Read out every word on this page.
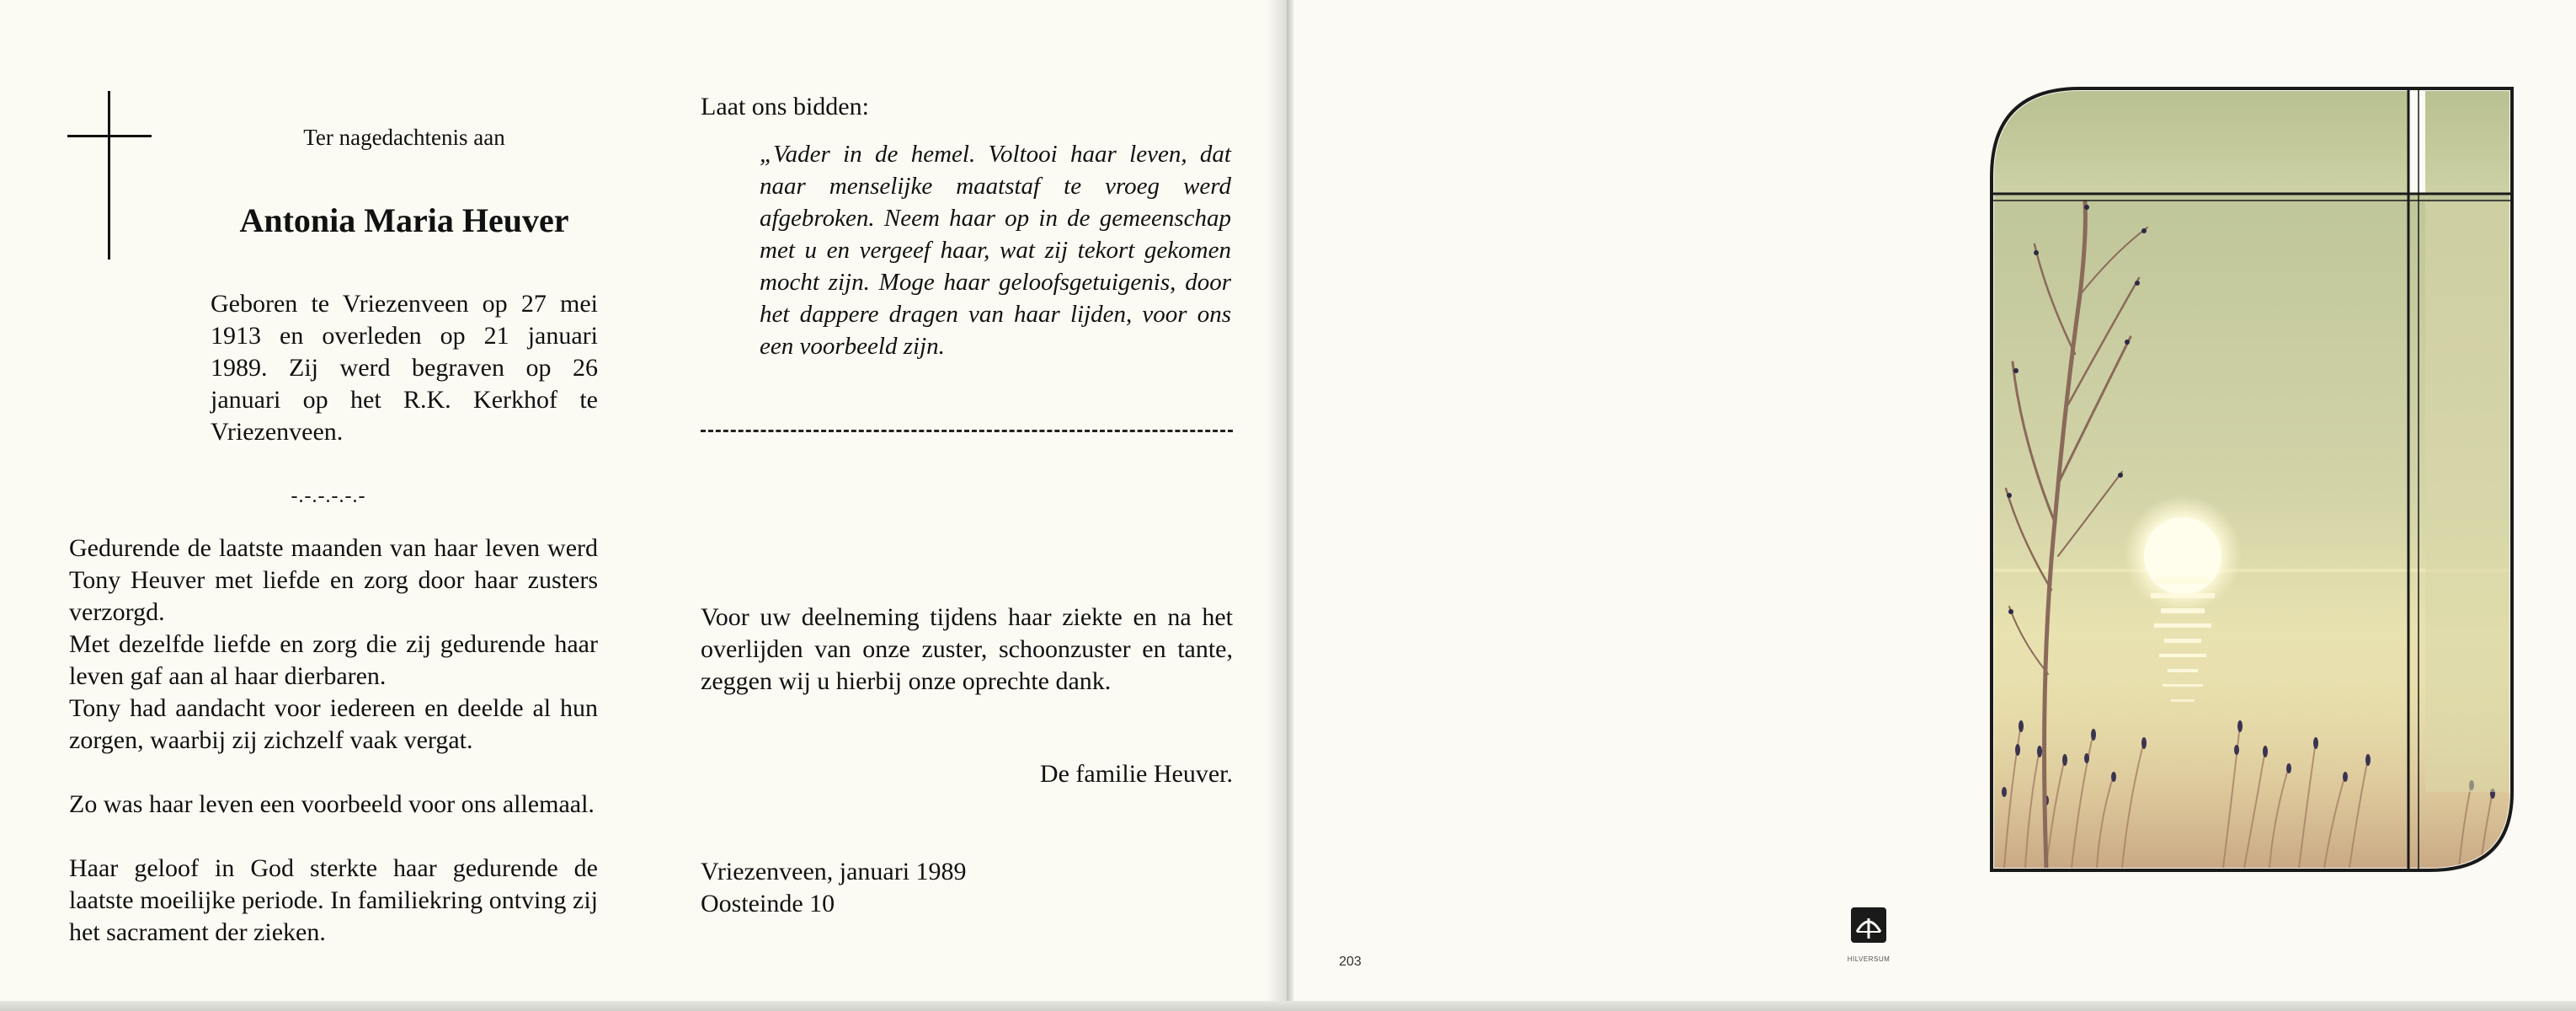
Ter nagedachtenis aan
Antonia Maria Heuver
Geboren te Vriezenveen op 27 mei 1913 en overleden op 21 januari 1989. Zij werd begraven op 26 januari op het R.K. Kerkhof te Vriezenveen.
-.-.-.-.-.-

Gedurende de laatste maanden van haar leven werd Tony Heuver met liefde en zorg door haar zusters verzorgd.

Met dezelfde liefde en zorg die zij gedurende haar leven gaf aan al haar dierbaren.

Tony had aandacht voor iedereen en deelde al hun zorgen, waarbij zij zichzelf vaak vergat.

Zo was haar leven een voorbeeld voor ons allemaal.

Haar geloof in God sterkte haar gedurende de laatste moeilijke periode. In familiekring ontving zij het sacrament der zieken.

Laat ons bidden:

„Vader in de hemel. Voltooi haar leven, dat naar menselijke maatstaf te vroeg werd afgebroken. Neem haar op in de gemeenschap met u en vergeef haar, wat zij tekort gekomen mocht zijn. Moge haar geloofsgetuigenis, door het dappere dragen van haar lijden, voor ons een voorbeeld zijn.

Voor uw deelneming tijdens haar ziekte en na het overlijden van onze zuster, schoonzuster en tante, zeggen wij u hierbij onze oprechte dank.

De familie Heuver.
Vriezenveen, januari 1989
Oosteinde 10
203	HILVERSUM
